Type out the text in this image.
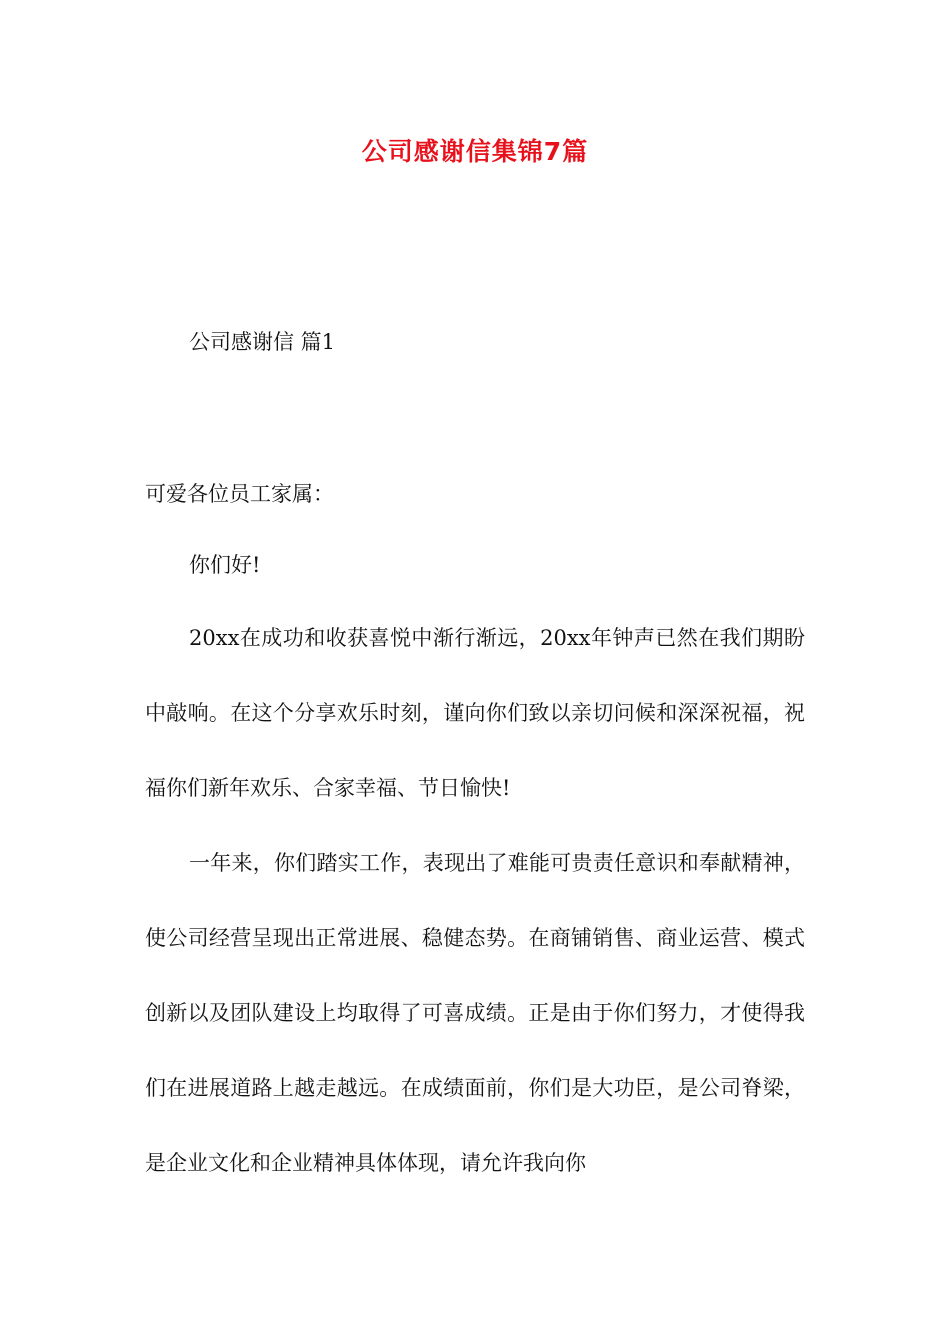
公司感谢信集锦7篇
公司感谢信 篇1
可爱各位员工家属：
你们好!

20xx在成功和收获喜悦中渐行渐远，20xx年钟声已然在我们期盼中敲响。在这个分享欢乐时刻，谨向你们致以亲切问候和深深祝福，祝福你们新年欢乐、合家幸福、节日愉快!

一年来，你们踏实工作，表现出了难能可贵责任意识和奉献精神，使公司经营呈现出正常进展、稳健态势。在商铺销售、商业运营、模式创新以及团队建设上均取得了可喜成绩。正是由于你们努力，才使得我们在进展道路上越走越远。在成绩面前，你们是大功臣，是公司脊梁，是企业文化和企业精神具体体现，请允许我向你
